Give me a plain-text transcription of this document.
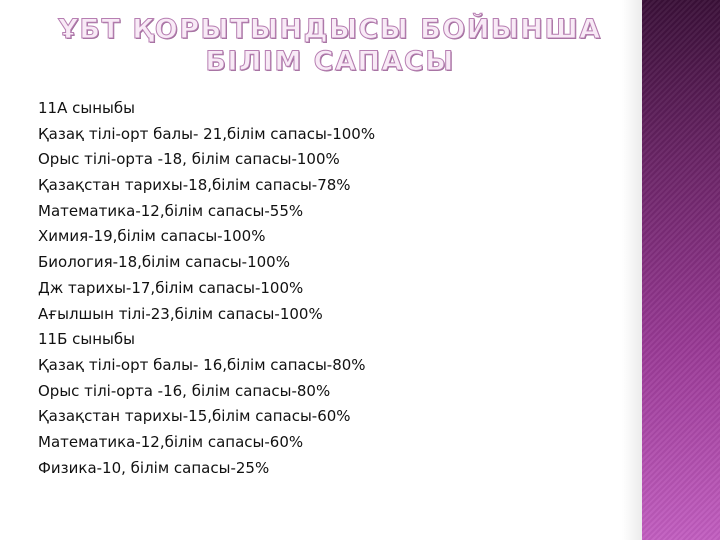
ҰБТ ҚОРЫТЫНДЫСЫ БОЙЫНША
БІЛІМ САПАСЫ
11А сыныбы
Қазақ тілі-орт балы- 21,білім сапасы-100%
Орыс тілі-орта -18, білім сапасы-100%
Қазақстан тарихы-18,білім сапасы-78%
Математика-12,білім сапасы-55%
Химия-19,білім сапасы-100%
Биология-18,білім сапасы-100%
Дж тарихы-17,білім сапасы-100%
Ағылшын тілі-23,білім сапасы-100%
11Б сыныбы
Қазақ тілі-орт балы- 16,білім сапасы-80%
Орыс тілі-орта -16, білім сапасы-80%
Қазақстан тарихы-15,білім сапасы-60%
Математика-12,білім сапасы-60%
Физика-10, білім сапасы-25%
